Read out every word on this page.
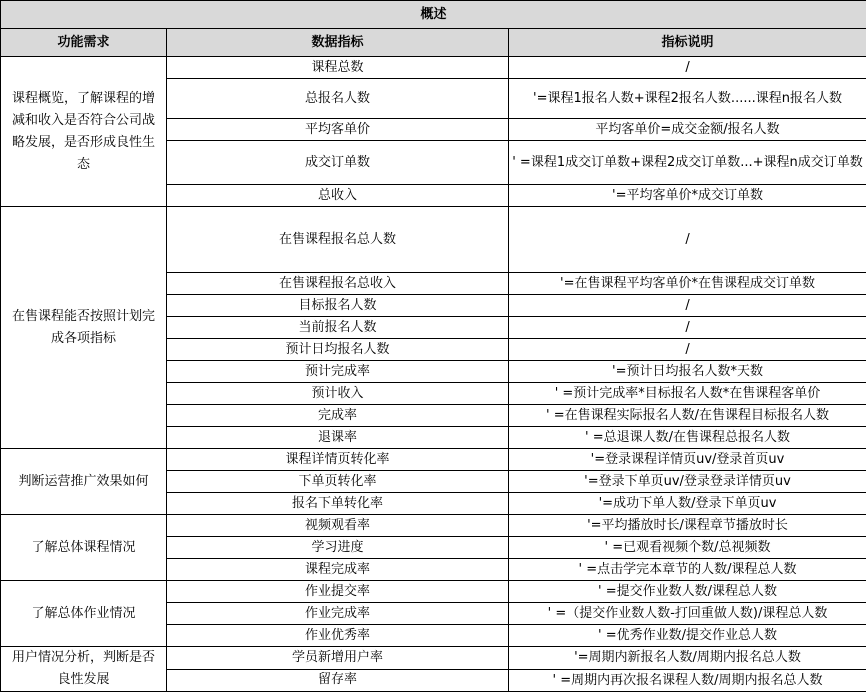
概述		
功能需求	数据指标	指标说明
课程概览，了解课程的增减和收入是否符合公司战略发展，是否形成良性生态	课程总数	/
	总报名人数	'=课程1报名人数+课程2报名人数......课程n报名人数
	平均客单价	平均客单价=成交金额/报名人数
	成交订单数	' =课程1成交订单数+课程2成交订单数...+课程n成交订单数
	总收入	'=平均客单价*成交订单数
在售课程能否按照计划完成各项指标	在售课程报名总人数	/
	在售课程报名总收入	'=在售课程平均客单价*在售课程成交订单数
	目标报名人数	/
	当前报名人数	/
	预计日均报名人数	/
	预计完成率	'=预计日均报名人数*天数
	预计收入	' =预计完成率*目标报名人数*在售课程客单价
	完成率	' =在售课程实际报名人数/在售课程目标报名人数
	退课率	' =总退课人数/在售课程总报名人数
判断运营推广效果如何	课程详情页转化率	'=登录课程详情页uv/登录首页uv
	下单页转化率	'=登录下单页uv/登录登录详情页uv
	报名下单转化率	'=成功下单人数/登录下单页uv
了解总体课程情况	视频观看率	'=平均播放时长/课程章节播放时长
	学习进度	' =已观看视频个数/总视频数
	课程完成率	' =点击学完本章节的人数/课程总人数
了解总体作业情况	作业提交率	' =提交作业数人数/课程总人数
	作业完成率	' =（提交作业数人数-打回重做人数)/课程总人数
	作业优秀率	' =优秀作业数/提交作业总人数
用户情况分析，判断是否良性发展	学员新增用户率	'=周期内新报名人数/周期内报名总人数
	留存率	' =周期内再次报名课程人数/周期内报名总人数
